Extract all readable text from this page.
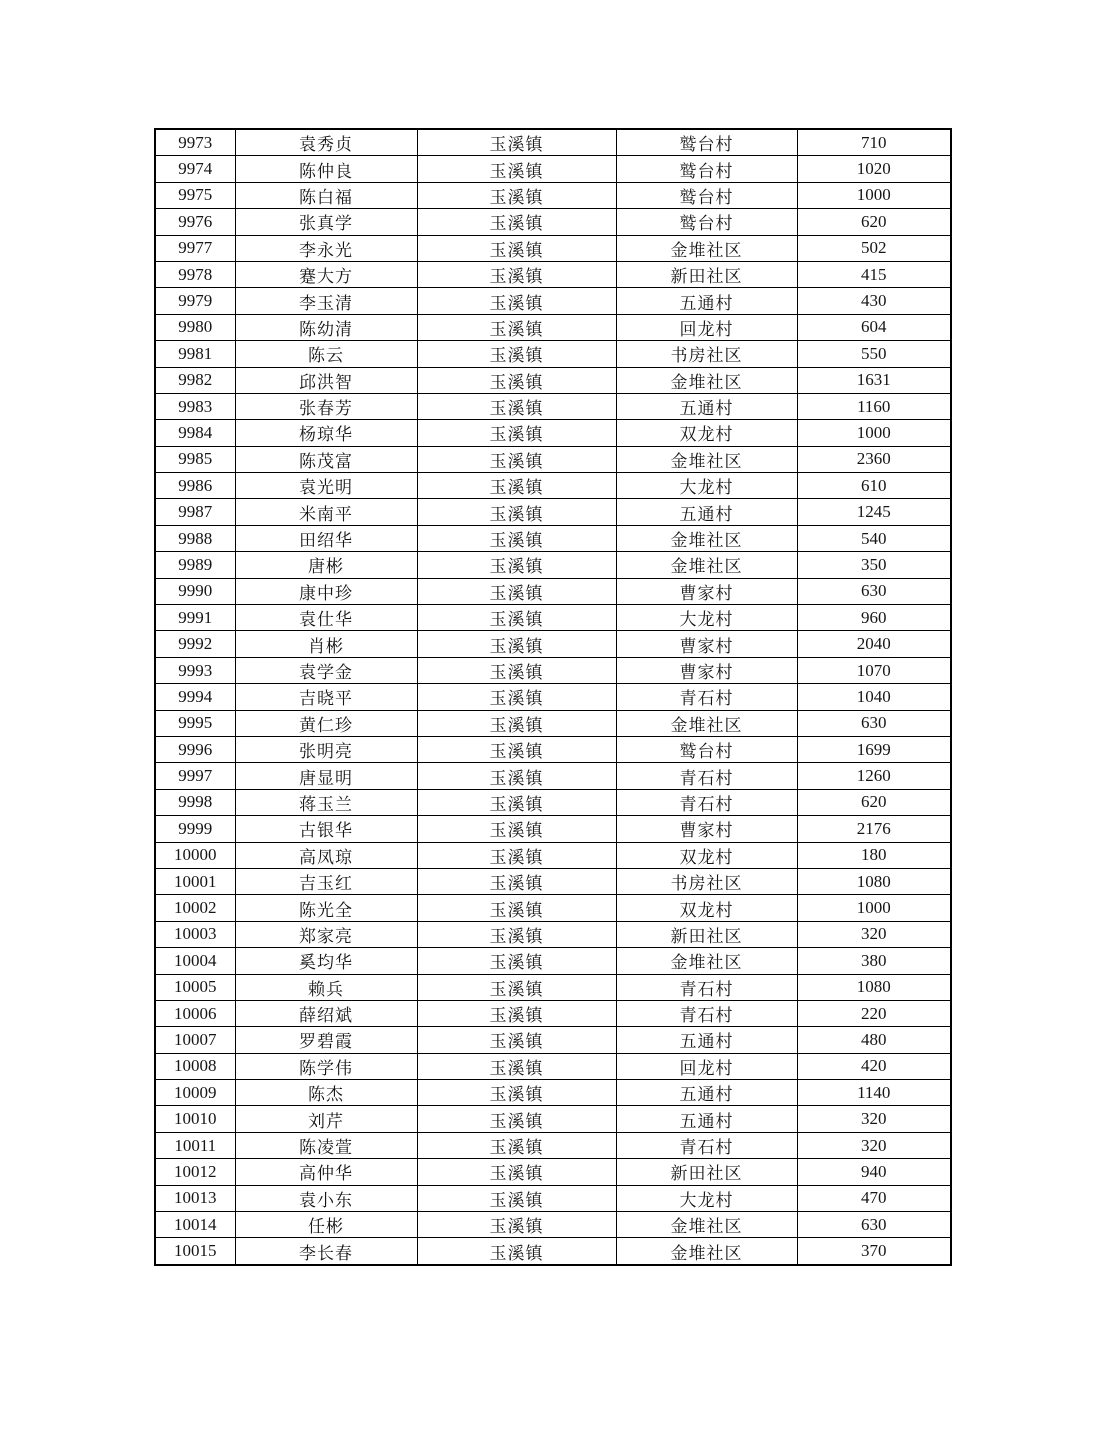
9973	袁秀贞	玉溪镇	鹫台村	710
9974	陈仲良	玉溪镇	鹫台村	1020
9975	陈白福	玉溪镇	鹫台村	1000
9976	张真学	玉溪镇	鹫台村	620
9977	李永光	玉溪镇	金堆社区	502
9978	蹇大方	玉溪镇	新田社区	415
9979	李玉清	玉溪镇	五通村	430
9980	陈幼清	玉溪镇	回龙村	604
9981	陈云	玉溪镇	书房社区	550
9982	邱洪智	玉溪镇	金堆社区	1631
9983	张春芳	玉溪镇	五通村	1160
9984	杨琼华	玉溪镇	双龙村	1000
9985	陈茂富	玉溪镇	金堆社区	2360
9986	袁光明	玉溪镇	大龙村	610
9987	米南平	玉溪镇	五通村	1245
9988	田绍华	玉溪镇	金堆社区	540
9989	唐彬	玉溪镇	金堆社区	350
9990	康中珍	玉溪镇	曹家村	630
9991	袁仕华	玉溪镇	大龙村	960
9992	肖彬	玉溪镇	曹家村	2040
9993	袁学金	玉溪镇	曹家村	1070
9994	吉晓平	玉溪镇	青石村	1040
9995	黄仁珍	玉溪镇	金堆社区	630
9996	张明亮	玉溪镇	鹫台村	1699
9997	唐显明	玉溪镇	青石村	1260
9998	蒋玉兰	玉溪镇	青石村	620
9999	古银华	玉溪镇	曹家村	2176
10000	高凤琼	玉溪镇	双龙村	180
10001	吉玉红	玉溪镇	书房社区	1080
10002	陈光全	玉溪镇	双龙村	1000
10003	郑家亮	玉溪镇	新田社区	320
10004	奚均华	玉溪镇	金堆社区	380
10005	赖兵	玉溪镇	青石村	1080
10006	薛绍斌	玉溪镇	青石村	220
10007	罗碧霞	玉溪镇	五通村	480
10008	陈学伟	玉溪镇	回龙村	420
10009	陈杰	玉溪镇	五通村	1140
10010	刘芹	玉溪镇	五通村	320
10011	陈凌萱	玉溪镇	青石村	320
10012	高仲华	玉溪镇	新田社区	940
10013	袁小东	玉溪镇	大龙村	470
10014	任彬	玉溪镇	金堆社区	630
10015	李长春	玉溪镇	金堆社区	370
